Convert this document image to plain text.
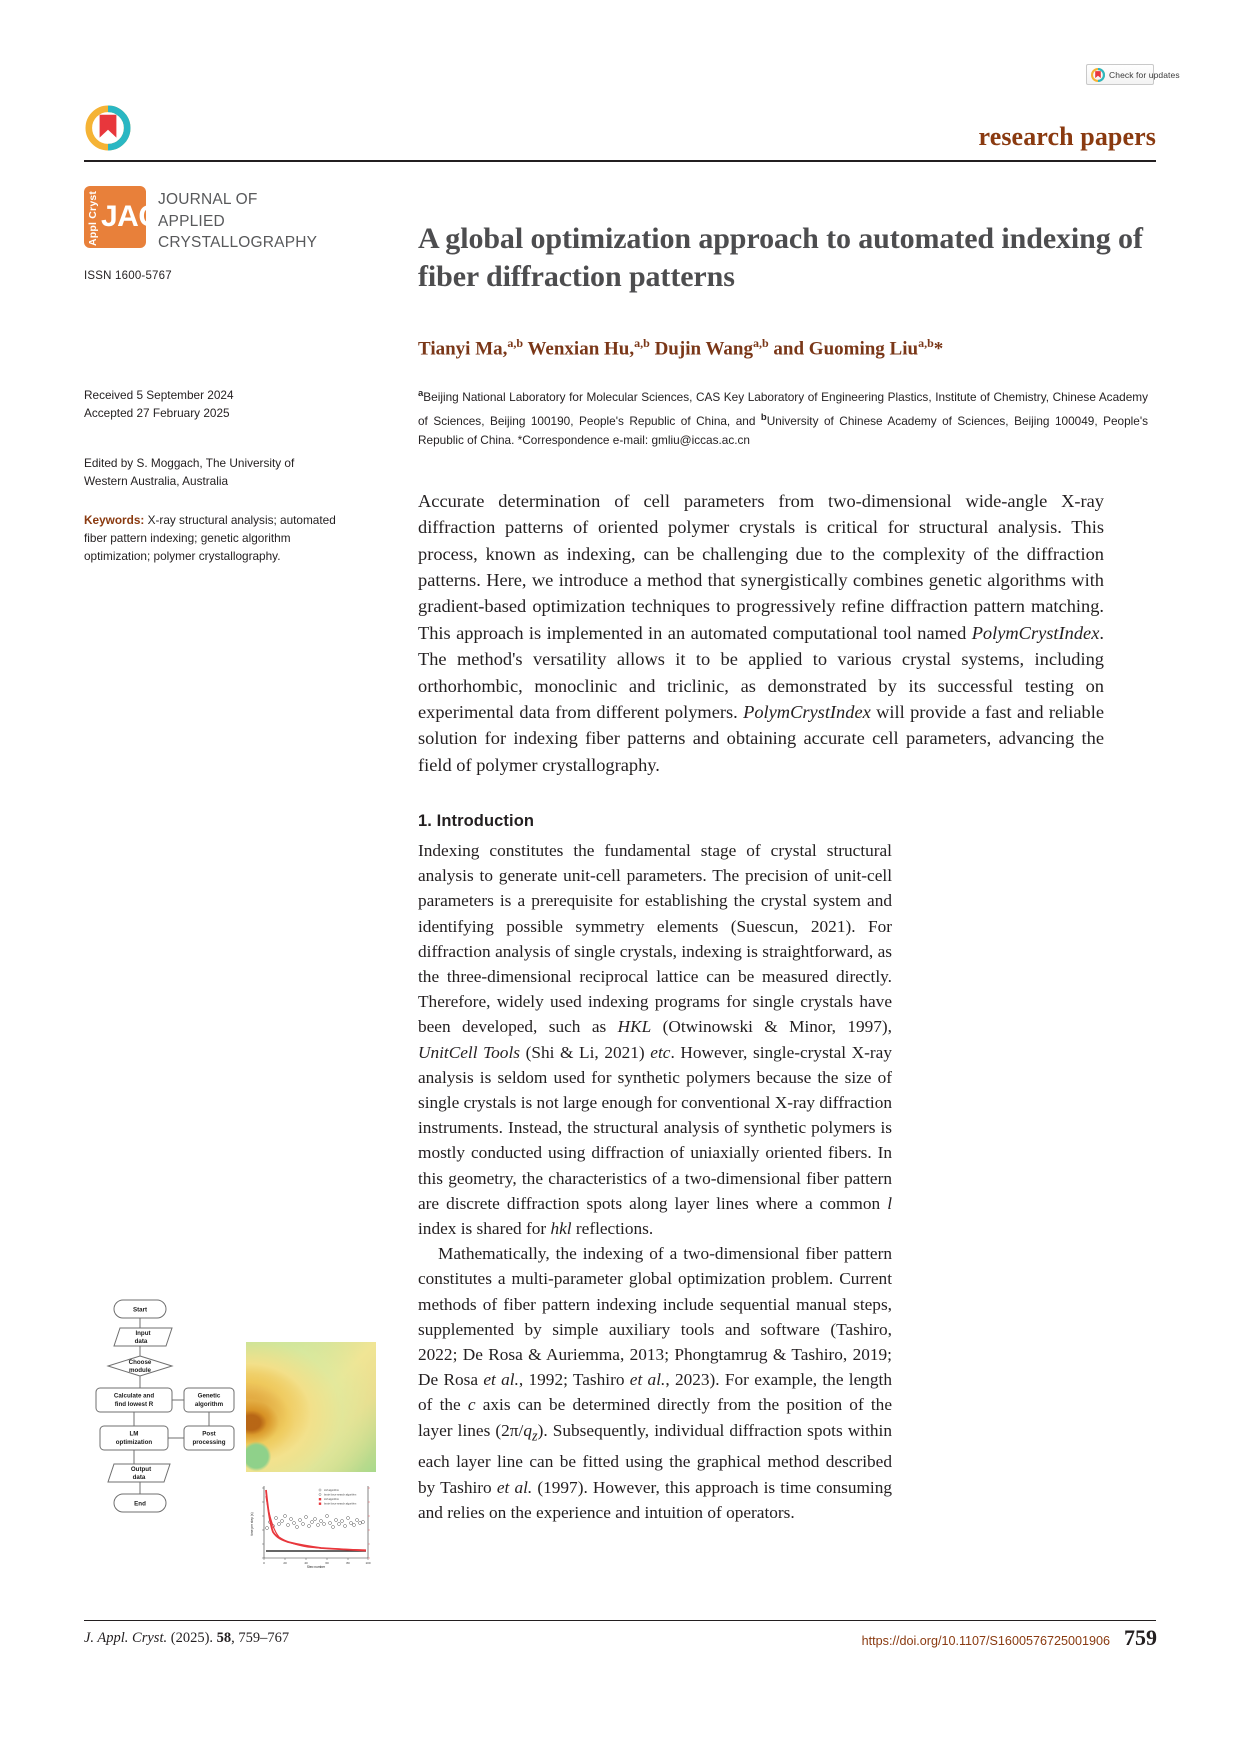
Check for updates
research papers
Appl Cryst JAC
JOURNAL OF
APPLIED
CRYSTALLOGRAPHY
ISSN 1600-5767
Received 5 September 2024
Accepted 27 February 2025
Edited by S. Moggach, The University of Western Australia, Australia
Keywords: X-ray structural analysis; automated fiber pattern indexing; genetic algorithm optimization; polymer crystallography.
A global optimization approach to automated indexing of fiber diffraction patterns
Tianyi Ma,$^{a,b}$ Wenxian Hu,$^{a,b}$ Dujin Wang$^{a,b}$ and Guoming Liu$^{a,b}$*
$^a$Beijing National Laboratory for Molecular Sciences, CAS Key Laboratory of Engineering Plastics, Institute of Chemistry, Chinese Academy of Sciences, Beijing 100190, People's Republic of China, and $^b$University of Chinese Academy of Sciences, Beijing 100049, People's Republic of China. *Correspondence e-mail: gmliu@iccas.ac.cn
Accurate determination of cell parameters from two-dimensional wide-angle X-ray diffraction patterns of oriented polymer crystals is critical for structural analysis. This process, known as indexing, can be challenging due to the complexity of the diffraction patterns. Here, we introduce a method that synergistically combines genetic algorithms with gradient-based optimization techniques to progressively refine diffraction pattern matching. This approach is implemented in an automated computational tool named PolymCrystIndex. The method's versatility allows it to be applied to various crystal systems, including orthorhombic, monoclinic and triclinic, as demonstrated by its successful testing on experimental data from different polymers. PolymCrystIndex will provide a fast and reliable solution for indexing fiber patterns and obtaining accurate cell parameters, advancing the field of polymer crystallography.
1. Introduction

Indexing constitutes the fundamental stage of crystal structural analysis to generate unit-cell parameters. The precision of unit-cell parameters is a prerequisite for establishing the crystal system and identifying possible symmetry elements (Suescun, 2021). For diffraction analysis of single crystals, indexing is straightforward, as the three-dimensional reciprocal lattice can be measured directly. Therefore, widely used indexing programs for single crystals have been developed, such as HKL (Otwinowski & Minor, 1997), UnitCell Tools (Shi & Li, 2021) etc. However, single-crystal X-ray analysis is seldom used for synthetic polymers because the size of single crystals is not large enough for conventional X-ray diffraction instruments. Instead, the structural analysis of synthetic polymers is mostly conducted using diffraction of uniaxially oriented fibers. In this geometry, the characteristics of a two-dimensional fiber pattern are discrete diffraction spots along layer lines where a common l index is shared for hkl reflections.

Mathematically, the indexing of a two-dimensional fiber pattern constitutes a multi-parameter global optimization problem. Current methods of fiber pattern indexing include sequential manual steps, supplemented by simple auxiliary tools and software (Tashiro, 2022; De Rosa & Auriemma, 2013; Phongtamrug & Tashiro, 2019; De Rosa et al., 1992; Tashiro et al., 2023). For example, the length of the c axis can be determined directly from the position of the layer lines $(2\pi/q_z)$. Subsequently, individual diffraction spots within each layer line can be fitted using the graphical method described by Tashiro et al. (1997). However, this approach is time consuming and relies on the experience and intuition of operators.

Start
Input
data
Choose
module
Calculate and
find lowest R
Genetic
algorithm
LM
optimization
Post
processing
Output
data
End
LM algorithm
brute force search algorithm
LM algorithm
brute force search algorithm
0	20	40	60	80	100
Step number
time per step (s)
J. Appl. Cryst. (2025). 58, 759–767	https://doi.org/10.1107/S1600576725001906 759
